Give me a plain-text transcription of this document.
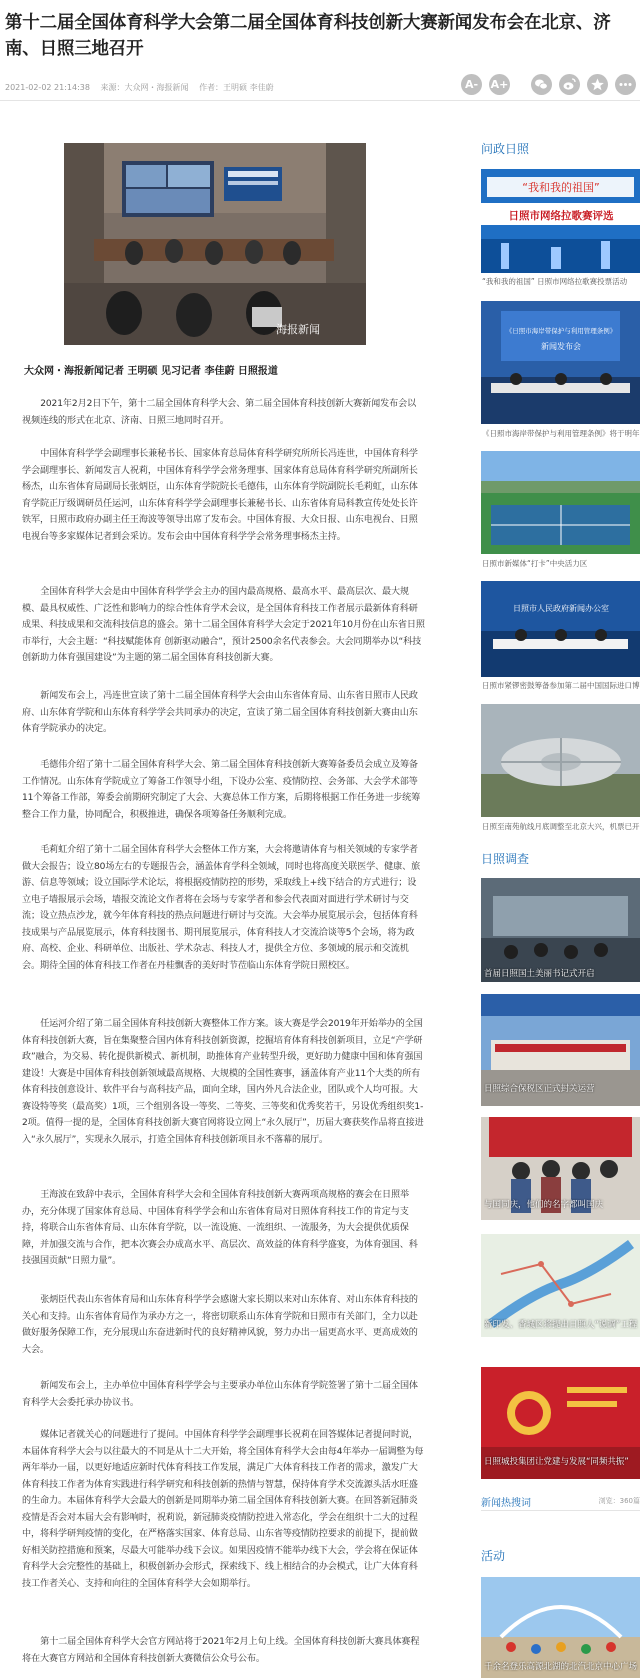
第十二届全国体育科学大会第二届全国体育科技创新大赛新闻发布会在北京、济南、日照三地召开
2021-02-02 21:14:38 来源：大众网・海报新闻 作者：王明硕 李佳蔚	A-	A+
海报新闻
大众网・海报新闻记者 王明硕 见习记者 李佳蔚 日照报道

2021年2月2日下午，第十二届全国体育科学大会、第二届全国体育科技创新大赛新闻发布会以视频连线的形式在北京、济南、日照三地同时召开。

中国体育科学学会副理事长兼秘书长、国家体育总局体育科学研究所所长冯连世，中国体育科学学会副理事长、新闻发言人祝莉，中国体育科学学会常务理事、国家体育总局体育科学研究所副所长杨杰，山东省体育局副局长张炳臣，山东体育学院院长毛德伟，山东体育学院副院长毛莉虹，山东体育学院正厅级调研员任运河，山东体育科学学会副理事长兼秘书长、山东省体育局科教宣传处处长许铁军，日照市政府办副主任王海波等领导出席了发布会。中国体育报、大众日报、山东电视台、日照电视台等多家媒体记者到会采访。发布会由中国体育科学学会常务理事杨杰主持。

全国体育科学大会是由中国体育科学学会主办的国内最高规格、最高水平、最高层次、最大规模、最具权威性、广泛性和影响力的综合性体育学术会议，是全国体育科技工作者展示最新体育科研成果、科技成果和交流科技信息的盛会。第十二届全国体育科学大会定于2021年10月份在山东省日照市举行，大会主题：“科技赋能体育 创新驱动融合”，预计2500余名代表参会。大会同期举办以“科技创新助力体育强国建设”为主题的第二届全国体育科技创新大赛。

新闻发布会上，冯连世宣读了第十二届全国体育科学大会由山东省体育局、山东省日照市人民政府、山东体育学院和山东体育科学学会共同承办的决定，宣读了第二届全国体育科技创新大赛由山东体育学院承办的决定。

毛德伟介绍了第十二届全国体育科学大会、第二届全国体育科技创新大赛筹备委员会成立及筹备工作情况。山东体育学院成立了筹备工作领导小组，下设办公室、疫情防控、会务部、大会学术部等11个筹备工作部，筹委会前期研究制定了大会、大赛总体工作方案，后期将根据工作任务进一步统筹整合工作力量，协同配合，积极推进，确保各项筹备任务顺利完成。

毛莉虹介绍了第十二届全国体育科学大会整体工作方案，大会将邀请体育与相关领域的专家学者做大会报告；设立80场左右的专题报告会，涵盖体育学科全领域，同时也将高度关联医学、健康、旅游、信息等领域；设立国际学术论坛，将根据疫情防控的形势，采取线上+线下结合的方式进行；设立电子墙报展示会场，墙报交流论文作者将在会场与专家学者和参会代表面对面进行学术研讨与交流；设立热点沙龙，就今年体育科技的热点问题进行研讨与交流。大会举办展览展示会，包括体育科技成果与产品展览展示，体育科技图书、期刊展览展示，体育科技人才交流洽谈等5个会场，将为政府、高校、企业、科研单位、出版社、学术杂志、科技人才，提供全方位、多领域的展示和交流机会。期待全国的体育科技工作者在丹桂飘香的美好时节莅临山东体育学院日照校区。

任运河介绍了第二届全国体育科技创新大赛整体工作方案。该大赛是学会2019年开始举办的全国体育科技创新大赛，旨在集聚整合国内体育科技创新资源，挖掘培育体育科技创新项目，立足“产学研政”融合，为交易、转化提供新模式、新机制，助推体育产业转型升级，更好助力健康中国和体育强国建设！大赛是中国体育科技创新领域最高规格、大规模的全国性赛事，涵盖体育产业11个大类的所有体育科技创意设计、软件平台与高科技产品，面向全球，国内外凡合法企业，团队或个人均可报。大赛设特等奖（最高奖）1项，三个组别各设一等奖、二等奖、三等奖和优秀奖若干，另设优秀组织奖1-2项。值得一提的是，全国体育科技创新大赛官网将设立网上“永久展厅”，历届大赛获奖作品将直接进入“永久展厅”，实现永久展示，打造全国体育科技创新项目永不落幕的展厅。

王海波在致辞中表示，全国体育科学大会和全国体育科技创新大赛两项高规格的赛会在日照举办，充分体现了国家体育总局、中国体育科学学会和山东省体育局对日照体育科技工作的肯定与支持，将联合山东省体育局、山东体育学院，以一流设施、一流组织、一流服务，为大会提供优质保障，并加强交流与合作，把本次赛会办成高水平、高层次、高效益的体育科学盛宴，为体育强国、科技强国贡献“日照力量”。

张炳臣代表山东省体育局和山东体育科学学会感谢大家长期以来对山东体育、对山东体育科技的关心和支持。山东省体育局作为承办方之一，将密切联系山东体育学院和日照市有关部门，全力以赴做好服务保障工作，充分展现山东奋进新时代的良好精神风貌，努力办出一届更高水平、更高成效的大会。

新闻发布会上，主办单位中国体育科学学会与主要承办单位山东体育学院签署了第十二届全国体育科学大会委托承办协议书。

媒体记者就关心的问题进行了提问。中国体育科学学会副理事长祝莉在回答媒体记者提问时说，本届体育科学大会与以往最大的不同是从十二大开始，将全国体育科学大会由每4年举办一届调整为每两年举办一届，以更好地适应新时代体育科技工作发展，满足广大体育科技工作者的需求，激发广大体育科技工作者为体育实践进行科学研究和科技创新的热情与智慧，保持体育学术交流源头活水旺盛的生命力。本届体育科学大会最大的创新是同期举办第二届全国体育科技创新大赛。在回答新冠肺炎疫情是否会对本届大会有影响时，祝莉说，新冠肺炎疫情防控进入常态化，学会在组织十二大的过程中，将科学研判疫情的变化，在严格落实国家、体育总局、山东省等疫情防控要求的前提下，提前做好相关防控措施和预案，尽最大可能举办线下会议。如果因疫情不能举办线下大会，学会将在保证体育科学大会完整性的基础上，积极创新办会形式，探索线下、线上相结合的办会模式，让广大体育科技工作者关心、支持和向往的全国体育科学大会如期举行。

第十二届全国体育科学大会官方网站将于2021年2月上旬上线。全国体育科技创新大赛具体赛程将在大赛官方网站和全国体育科技创新大赛微信公众号公布。

问政日照
“我和我的祖国”
日照市网络拉歌赛评选
“我和我的祖国” 日照市网络拉歌赛投票活动
《日照市海岸带保护与利用管理条例》
新闻发布会
《日照市海岸带保护与利用管理条例》将于明年
日照市新媒体“打卡”中央活力区
日照市人民政府新闻办公室
日照市紧锣密鼓筹备参加第二届中国国际进口博
日照至南苑航线月底调整至北京大兴，机票已开
日照调查
首届日照国土美丽书记式开启
日照综合保税区正式封关运营
与国同庆，他们的名字都叫国庆
新印发、香城区将提出日照人“说调”工程
日照城投集团让党建与发展“同频共振”
新闻热搜词	浏览：360篇
活动
千余名登乐高源北湖的北汽北京中心广场
